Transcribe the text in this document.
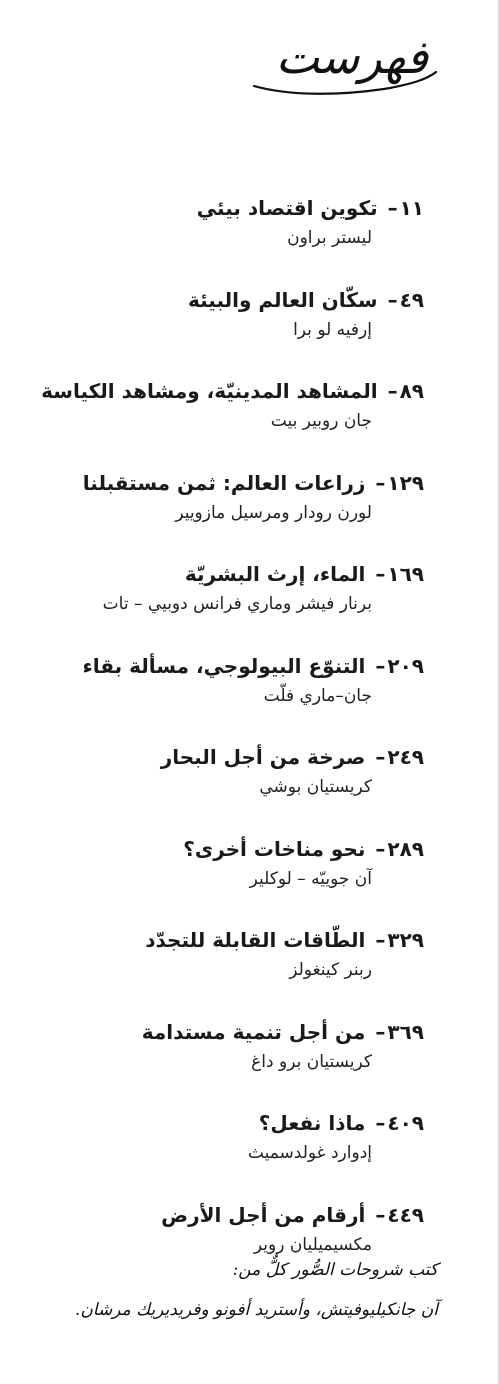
فهرست
١١
–
تكوين اقتصاد بيئي
ليستر براون
٤٩
–
سكّان العالم والبيئة
إرفيه لو برا
٨٩
–
المشاهد المدينيّة، ومشاهد الكياسة
جان روبير بيت
١٢٩
–
زراعات العالم: ثمن مستقبلنا
لورن رودار ومرسيل مازويير
١٦٩
–
الماء، إرث البشريّة
برنار فيشر وماري فرانس دوبيي – تات
٢٠٩
–
التنوّع البيولوجي، مسألة بقاء
جان–ماري فلّت
٢٤٩
–
صرخة من أجل البحار
كريستيان بوشي
٢٨٩
–
نحو مناخات أخرى؟
آن جوييّه – لوكلير
٣٢٩
–
الطّاقات القابلة للتجدّد
ربنر كينغولز
٣٦٩
–
من أجل تنمية مستدامة
كريستيان برو داغ
٤٠٩
–
ماذا نفعل؟
إدوارد غولدسميث
٤٤٩
–
أرقام من أجل الأرض
مكسيميليان روير
كتب شروحات الصُّور كلٌّ من:
آن جانكيليوفيتش، وأستريد أفونو وفريديريك مرشان.
